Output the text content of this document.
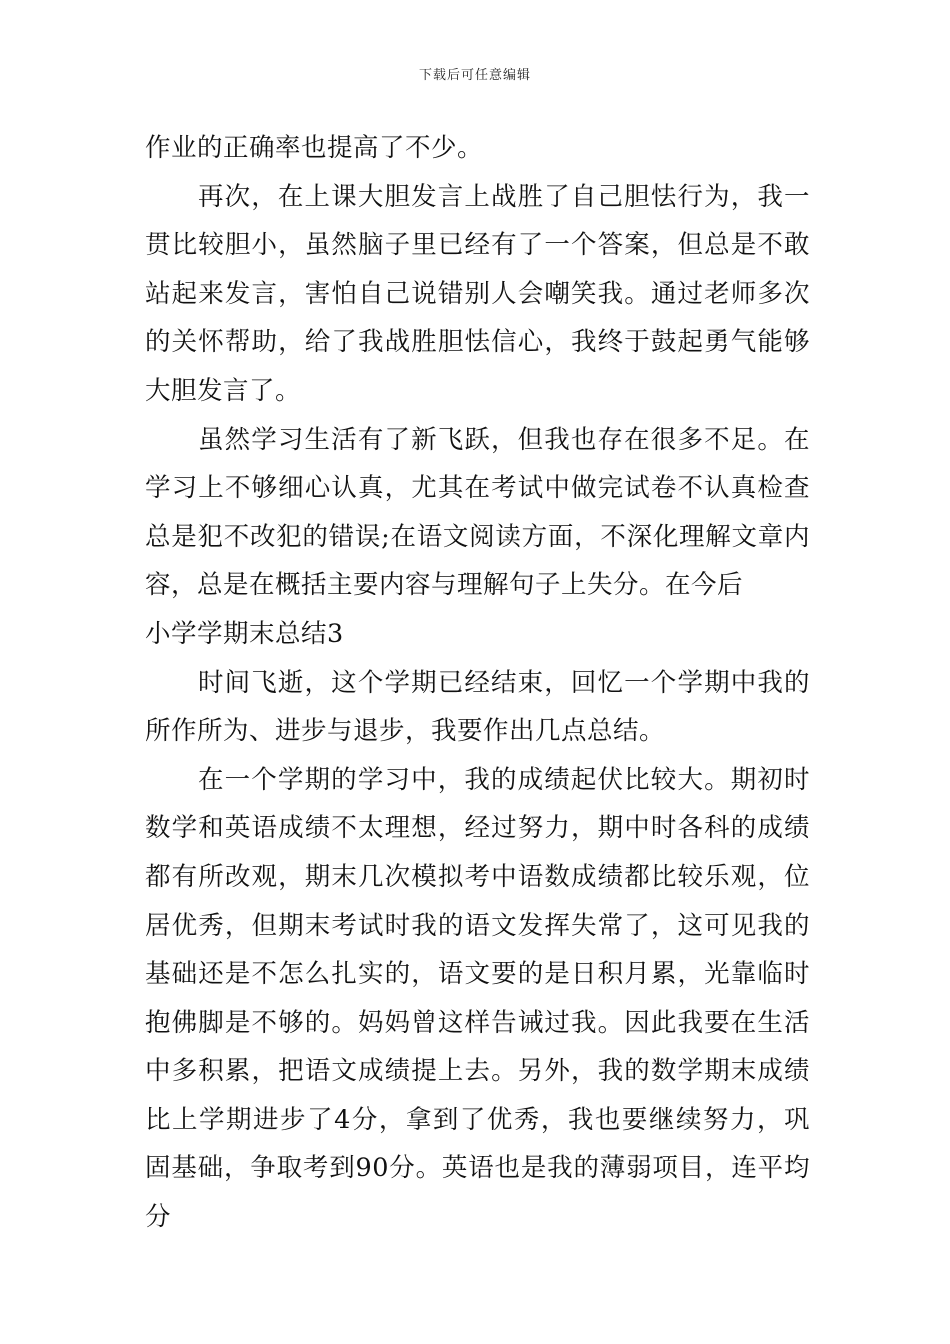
下载后可任意编辑

作业的正确率也提高了不少。

再次，在上课大胆发言上战胜了自己胆怯行为，我一贯比较胆小，虽然脑子里已经有了一个答案，但总是不敢站起来发言，害怕自己说错别人会嘲笑我。通过老师多次的关怀帮助，给了我战胜胆怯信心，我终于鼓起勇气能够大胆发言了。

虽然学习生活有了新飞跃，但我也存在很多不足。在学习上不够细心认真，尤其在考试中做完试卷不认真检查总是犯不改犯的错误;在语文阅读方面，不深化理解文章内容，总是在概括主要内容与理解句子上失分。在今后

小学学期末总结3

时间飞逝，这个学期已经结束，回忆一个学期中我的所作所为、进步与退步，我要作出几点总结。

在一个学期的学习中，我的成绩起伏比较大。期初时数学和英语成绩不太理想，经过努力，期中时各科的成绩都有所改观，期末几次模拟考中语数成绩都比较乐观，位居优秀，但期末考试时我的语文发挥失常了，这可见我的基础还是不怎么扎实的，语文要的是日积月累，光靠临时抱佛脚是不够的。妈妈曾这样告诫过我。因此我要在生活中多积累，把语文成绩提上去。另外，我的数学期末成绩比上学期进步了4分，拿到了优秀，我也要继续努力，巩固基础，争取考到90分。英语也是我的薄弱项目，连平均分
